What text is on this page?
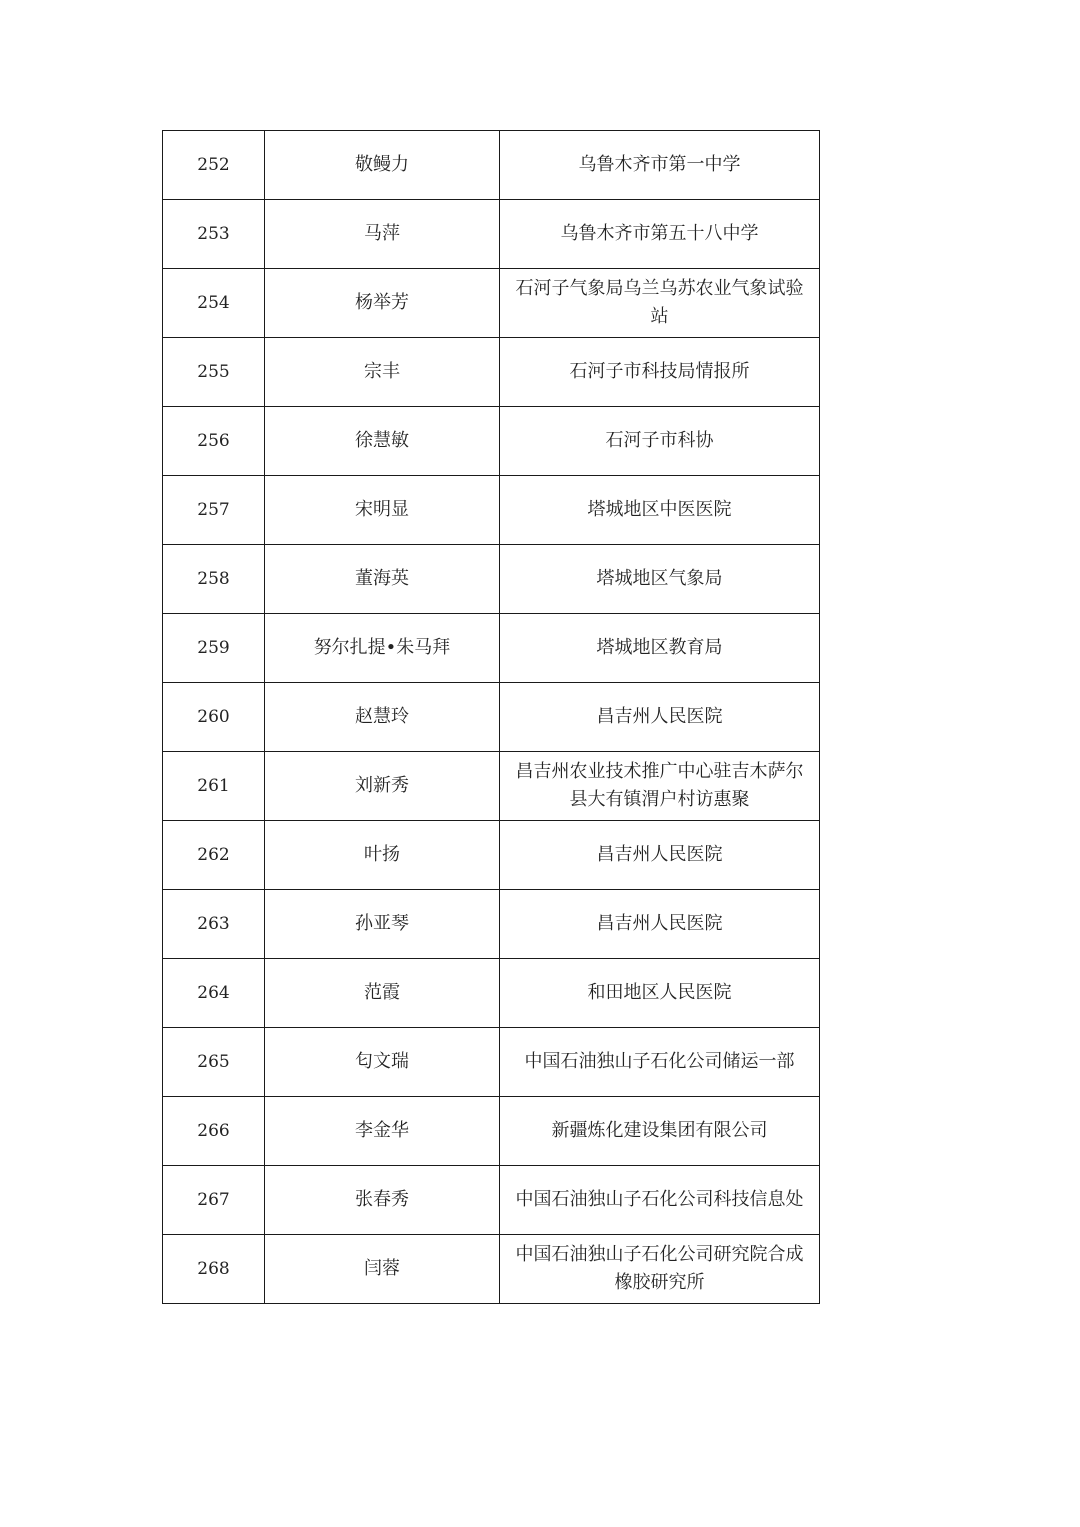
252	敬鳗力	乌鲁木齐市第一中学
253	马萍	乌鲁木齐市第五十八中学
254	杨举芳	石河子气象局乌兰乌苏农业气象试验站
255	宗丰	石河子市科技局情报所
256	徐慧敏	石河子市科协
257	宋明显	塔城地区中医医院
258	董海英	塔城地区气象局
259	努尔扎提•朱马拜	塔城地区教育局
260	赵慧玲	昌吉州人民医院
261	刘新秀	昌吉州农业技术推广中心驻吉木萨尔县大有镇渭户村访惠聚
262	叶扬	昌吉州人民医院
263	孙亚琴	昌吉州人民医院
264	范霞	和田地区人民医院
265	匂文瑞	中国石油独山子石化公司储运一部
266	李金华	新疆炼化建设集团有限公司
267	张春秀	中国石油独山子石化公司科技信息处
268	闫蓉	中国石油独山子石化公司研究院合成橡胶研究所
